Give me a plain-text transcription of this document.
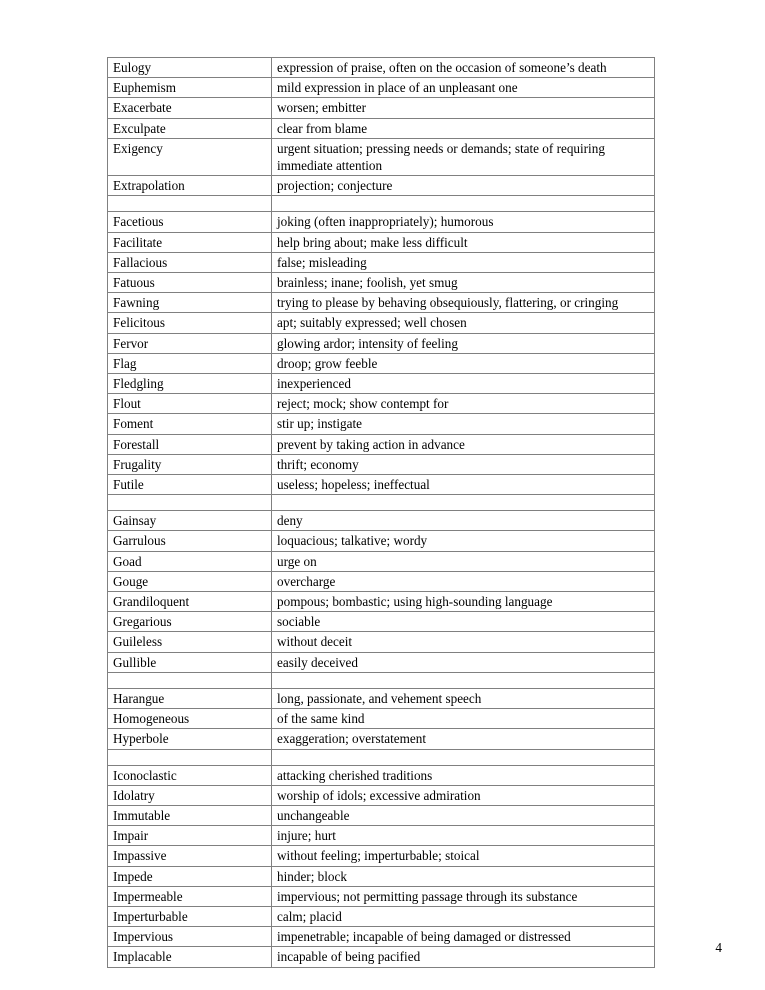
Eulogy	expression of praise, often on the occasion of someone’s death
Euphemism	mild expression in place of an unpleasant one
Exacerbate	worsen; embitter
Exculpate	clear from blame
Exigency	urgent situation; pressing needs or demands; state of requiring immediate attention
Extrapolation	projection; conjecture

Facetious	joking (often inappropriately); humorous
Facilitate	help bring about; make less difficult
Fallacious	false; misleading
Fatuous	brainless; inane; foolish, yet smug
Fawning	trying to please by behaving obsequiously, flattering, or cringing
Felicitous	apt; suitably expressed; well chosen
Fervor	glowing ardor; intensity of feeling
Flag	droop; grow feeble
Fledgling	inexperienced
Flout	reject; mock; show contempt for
Foment	stir up; instigate
Forestall	prevent by taking action in advance
Frugality	thrift; economy
Futile	useless; hopeless; ineffectual

Gainsay	deny
Garrulous	loquacious; talkative; wordy
Goad	urge on
Gouge	overcharge
Grandiloquent	pompous; bombastic; using high-sounding language
Gregarious	sociable
Guileless	without deceit
Gullible	easily deceived

Harangue	long, passionate, and vehement speech
Homogeneous	of the same kind
Hyperbole	exaggeration; overstatement

Iconoclastic	attacking cherished traditions
Idolatry	worship of idols; excessive admiration
Immutable	unchangeable
Impair	injure; hurt
Impassive	without feeling; imperturbable; stoical
Impede	hinder; block
Impermeable	impervious; not permitting passage through its substance
Imperturbable	calm; placid
Impervious	impenetrable; incapable of being damaged or distressed
Implacable	incapable of being pacified
4
